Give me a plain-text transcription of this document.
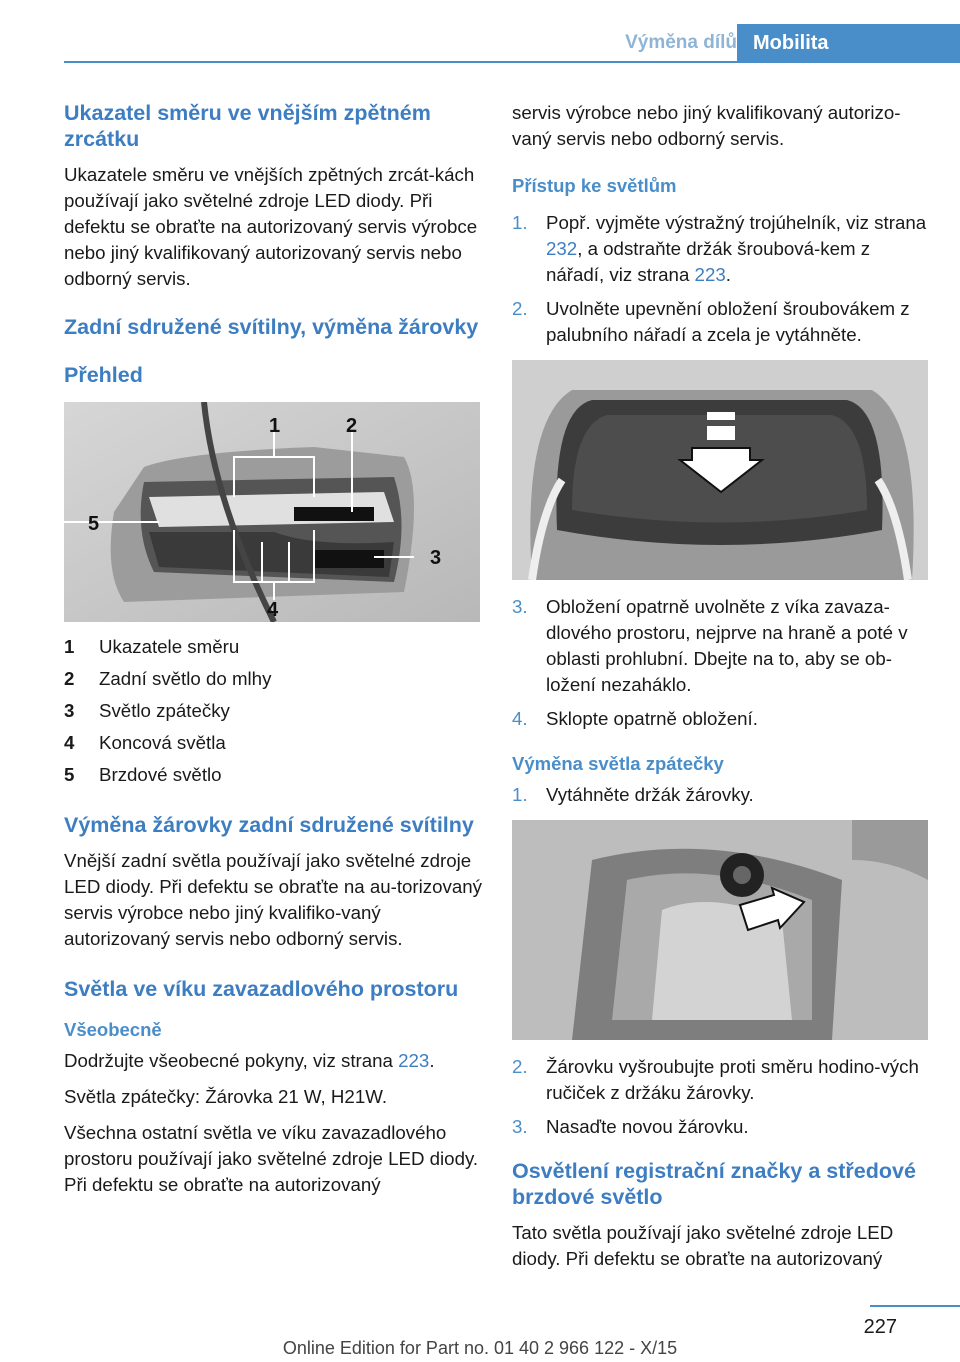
Výměna dílů Mobilita
Ukazatel směru ve vnějším zpětném zrcátku

Ukazatele směru ve vnějších zpětných zrcát-kách používají jako světelné zdroje LED diody. Při defektu se obraťte na autorizovaný servis výrobce nebo jiný kvalifikovaný autorizovaný servis nebo odborný servis.

Zadní sdružené svítilny, výměna žárovky
Přehled
1	2
3
4
5
1 Ukazatele směru
2 Zadní světlo do mlhy
3 Světlo zpátečky
4 Koncová světla
5 Brzdové světlo
Výměna žárovky zadní sdružené svítilny

Vnější zadní světla používají jako světelné zdroje LED diody. Při defektu se obraťte na au-torizovaný servis výrobce nebo jiný kvalifiko-vaný autorizovaný servis nebo odborný servis.

Světla ve víku zavazadlového prostoru
Všeobecně

Dodržujte všeobecné pokyny, viz strana 223.

Světla zpátečky: Žárovka 21 W, H21W.

Všechna ostatní světla ve víku zavazadlového prostoru používají jako světelné zdroje LED diody. Při defektu se obraťte na autorizovaný

servis výrobce nebo jiný kvalifikovaný autorizo-vaný servis nebo odborný servis.

Přístup ke světlům
1. Popř. vyjměte výstražný trojúhelník, viz strana 232, a odstraňte držák šroubová-kem z nářadí, viz strana 223.
2. Uvolněte upevnění obložení šroubovákem z palubního nářadí a zcela je vytáhněte.
3. Obložení opatrně uvolněte z víka zavaza-dlového prostoru, nejprve na hraně a poté v oblasti prohlubní. Dbejte na to, aby se ob-ložení nezaháklo.
4. Sklopte opatrně obložení.
Výměna světla zpátečky
1. Vytáhněte držák žárovky.
2. Žárovku vyšroubujte proti směru hodino-vých ručiček z držáku žárovky.
3. Nasaďte novou žárovku.
Osvětlení registrační značky a středové brzdové světlo

Tato světla používají jako světelné zdroje LED diody. Při defektu se obraťte na autorizovaný

227
Online Edition for Part no. 01 40 2 966 122 - X/15
